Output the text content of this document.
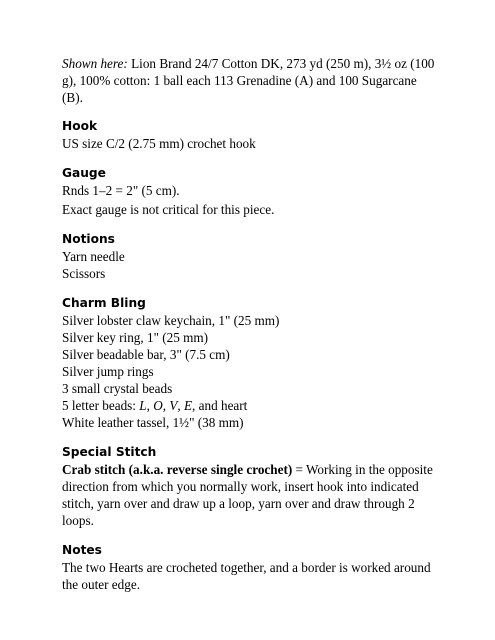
Shown here: Lion Brand 24/7 Cotton DK, 273 yd (250 m), 3½ oz (100 g), 100% cotton: 1 ball each 113 Grenadine (A) and 100 Sugarcane (B).

Hook

US size C/2 (2.75 mm) crochet hook

Gauge

Rnds 1–2 = 2" (5 cm).

Exact gauge is not critical for this piece.

Notions

Yarn needle
Scissors

Charm Bling

Silver lobster claw keychain, 1" (25 mm)
Silver key ring, 1" (25 mm)
Silver beadable bar, 3" (7.5 cm)
Silver jump rings
3 small crystal beads
5 letter beads: L, O, V, E, and heart
White leather tassel, 1½" (38 mm)

Special Stitch

Crab stitch (a.k.a. reverse single crochet) = Working in the opposite direction from which you normally work, insert hook into indicated stitch, yarn over and draw up a loop, yarn over and draw through 2 loops.

Notes

The two Hearts are crocheted together, and a border is worked around the outer edge.
